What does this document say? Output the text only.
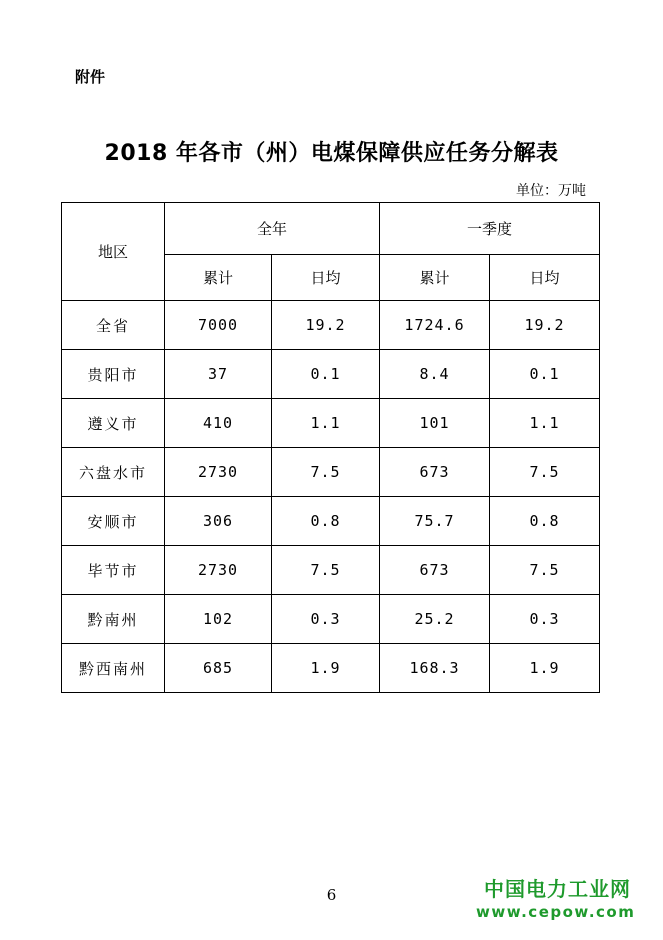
附件
2018 年各市（州）电煤保障供应任务分解表
单位：万吨
地区	全年		一季度	
	累计	日均	累计	日均
全省	7000	19.2	1724.6	19.2
贵阳市	37	0.1	8.4	0.1
遵义市	410	1.1	101	1.1
六盘水市	2730	7.5	673	7.5
安顺市	306	0.8	75.7	0.8
毕节市	2730	7.5	673	7.5
黔南州	102	0.3	25.2	0.3
黔西南州	685	1.9	168.3	1.9
6	中国电力工业网
www.cepow.com
